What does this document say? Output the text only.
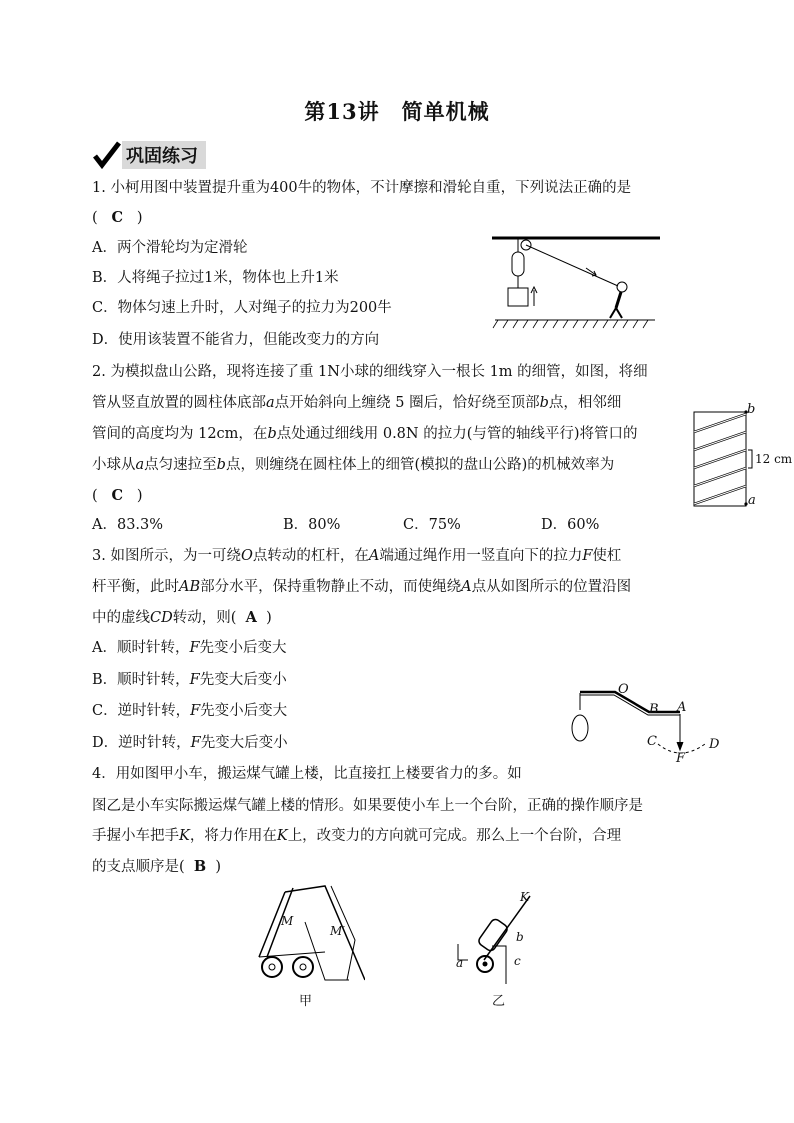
第13讲　简单机械
巩固练习
1. 小柯用图中装置提升重为400牛的物体，不计摩擦和滑轮自重，下列说法正确的是
( C )
A．两个滑轮均为定滑轮
B．人将绳子拉过1米，物体也上升1米
C．物体匀速上升时，人对绳子的拉力为200牛
D．使用该装置不能省力，但能改变力的方向
2. 为模拟盘山公路，现将连接了重 1N小球的细线穿入一根长 1m 的细管，如图，将细
管从竖直放置的圆柱体底部a点开始斜向上缠绕 5 圈后，恰好绕至顶部b点，相邻细
管间的高度均为 12cm，在b点处通过细线用 0.8N 的拉力(与管的轴线平行)将管口的
小球从a点匀速拉至b点，则缠绕在圆柱体上的细管(模拟的盘山公路)的机械效率为
( C )
A．83.3%	B．80%	C．75%	D．60%
b
a
12 cm
3. 如图所示，为一可绕O点转动的杠杆，在A端通过绳作用一竖直向下的拉力F使杠
杆平衡，此时AB部分水平，保持重物静止不动，而使绳绕A点从如图所示的位置沿图
中的虚线CD转动，则( A )
A．顺时针转，F先变小后变大
B．顺时针转，F先变大后变小
C．逆时针转，F先变小后变大
D．逆时针转，F先变大后变小
O
B A
C	D
F
4．用如图甲小车，搬运煤气罐上楼，比直接扛上楼要省力的多。如
图乙是小车实际搬运煤气罐上楼的情形。如果要使小车上一个台阶，正确的操作顺序是
手握小车把手K，将力作用在K上，改变力的方向就可完成。那么上一个台阶，合理
的支点顺序是( B )
M
M′
甲
K
b
a	c
乙
